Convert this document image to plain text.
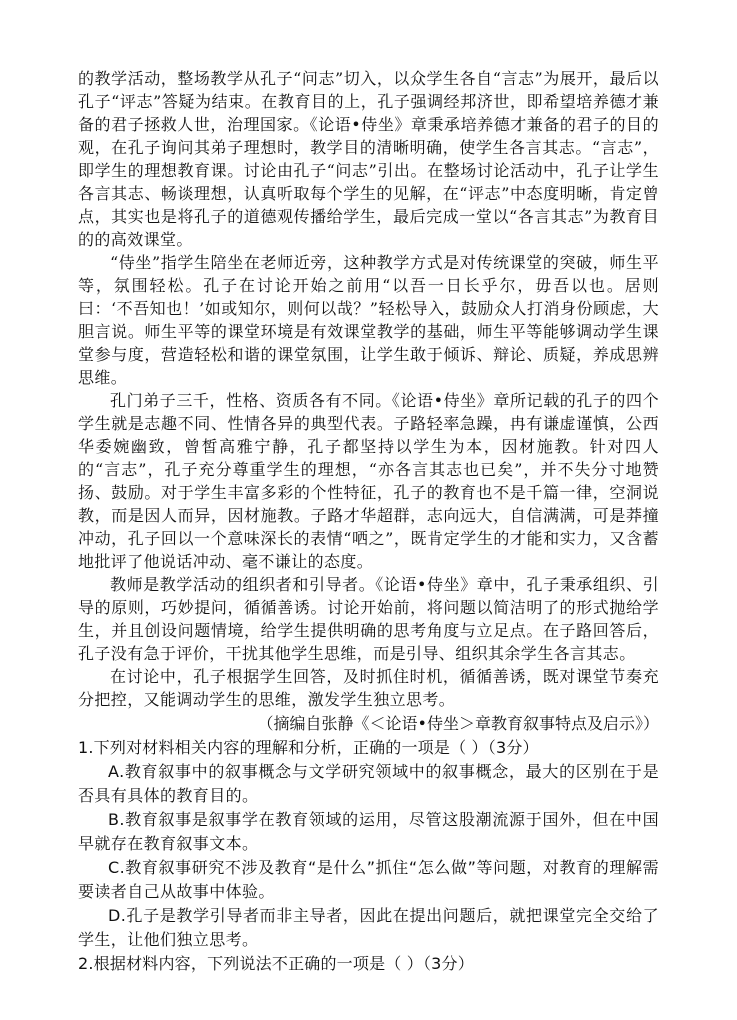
的教学活动，整场教学从孔子“问志”切入，以众学生各自“言志”为展开，最后以孔子“评志”答疑为结束。在教育目的上，孔子强调经邦济世，即希望培养德才兼备的君子拯救人世，治理国家。《论语•侍坐》章秉承培养德才兼备的君子的目的观，在孔子询问其弟子理想时，教学目的清晰明确，使学生各言其志。“言志”，即学生的理想教育课。讨论由孔子“问志”引出。在整场讨论活动中，孔子让学生各言其志、畅谈理想，认真听取每个学生的见解，在“评志”中态度明晰，肯定曾点，其实也是将孔子的道德观传播给学生，最后完成一堂以“各言其志”为教育目的的高效课堂。

“侍坐”指学生陪坐在老师近旁，这种教学方式是对传统课堂的突破，师生平等，氛围轻松。孔子在讨论开始之前用“以吾一日长乎尔，毋吾以也。居则曰：‘不吾知也！’如或知尔，则何以哉？”轻松导入，鼓励众人打消身份顾虑，大胆言说。师生平等的课堂环境是有效课堂教学的基础，师生平等能够调动学生课堂参与度，营造轻松和谐的课堂氛围，让学生敢于倾诉、辩论、质疑，养成思辨思维。

孔门弟子三千，性格、资质各有不同。《论语•侍坐》章所记载的孔子的四个学生就是志趣不同、性情各异的典型代表。子路轻率急躁，冉有谦虚谨慎，公西华委婉幽致，曾皙高雅宁静，孔子都坚持以学生为本，因材施教。针对四人的“言志”，孔子充分尊重学生的理想，“亦各言其志也已矣”，并不失分寸地赞扬、鼓励。对于学生丰富多彩的个性特征，孔子的教育也不是千篇一律，空洞说教，而是因人而异，因材施教。子路才华超群，志向远大，自信满满，可是莽撞冲动，孔子回以一个意味深长的表情“哂之”，既肯定学生的才能和实力，又含蓄地批评了他说话冲动、毫不谦让的态度。

教师是教学活动的组织者和引导者。《论语•侍坐》章中，孔子秉承组织、引导的原则，巧妙提问，循循善诱。讨论开始前，将问题以简洁明了的形式抛给学生，并且创设问题情境，给学生提供明确的思考角度与立足点。在子路回答后，孔子没有急于评价，干扰其他学生思维，而是引导、组织其余学生各言其志。

在讨论中，孔子根据学生回答，及时抓住时机，循循善诱，既对课堂节奏充分把控，又能调动学生的思维，激发学生独立思考。

（摘编自张静《＜论语•侍坐＞章教育叙事特点及启示》）

1.下列对材料相关内容的理解和分析，正确的一项是（ ）（3分）

A.教育叙事中的叙事概念与文学研究领域中的叙事概念，最大的区别在于是否具有具体的教育目的。

B.教育叙事是叙事学在教育领域的运用，尽管这股潮流源于国外，但在中国早就存在教育叙事文本。

C.教育叙事研究不涉及教育“是什么”抓住“怎么做”等问题，对教育的理解需要读者自己从故事中体验。

D.孔子是教学引导者而非主导者，因此在提出问题后，就把课堂完全交给了学生，让他们独立思考。

2.根据材料内容，下列说法不正确的一项是（ ）（3分）
